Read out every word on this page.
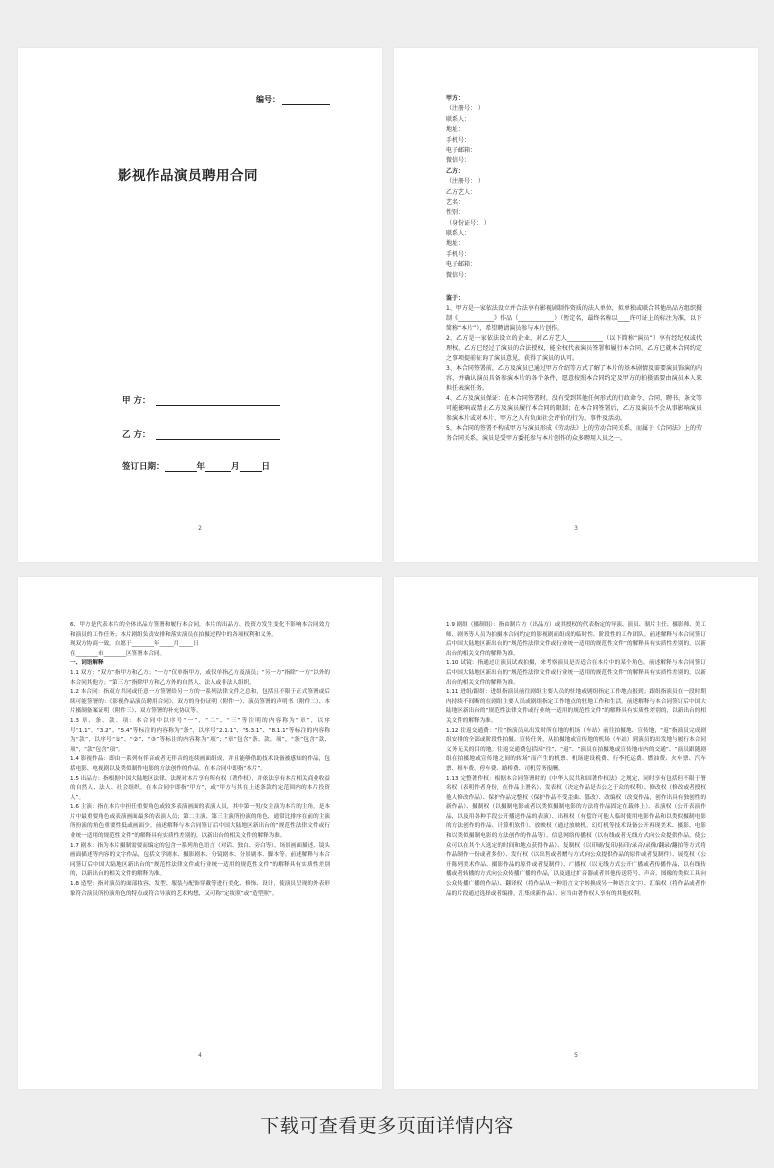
编号：
影视作品演员聘用合同
甲 方：
乙 方：
签订日期：	年	月	日
2

甲方：

（注册号： ）

联系人：

地址：

手机号：

电子邮箱：

微信号：

乙方：

（注册号： ）

乙方艺人：

艺名：

性别：

（身份证号： ）

联系人：

地址：

手机号：

电子邮箱：

微信号：

鉴于：

1、甲方是一家依法设立并合法享有影视剧制作资质的法人单位，拟单独或联合其他出品方组织摄制《____________》作品（____________）（暂定名，最终名称以____许可证上的标注为准，以下简称“本片”），希望聘请演员参与本片创作。

2、乙方是一家依法设立的企业，对乙方艺人____________（以下简称“演员”）享有经纪权或代理权。乙方已经过了演员的合法授权，能全权代表演员签署和履行本合同，乙方已就本合同约定之事项提前征询了演员意见，获得了演员的认可。

3、本合同签署前，乙方及演员已通过甲方介绍等方式了解了本片的基本剧情及需要演员饰演的内容，并确认演员具备参演本片的各个条件，愿意按照本合同约定及甲方的拍摄需要由演员本人来担任表演任务。

4、乙方及演员保证：在本合同签署时，没有受到其他任何形式的行政命令、合同、聘书、条文等可能影响或禁止乙方及演员履行本合同的限制；在本合同签署后，乙方及演员不会从事影响演员参演本片或对本片、甲方之人有负面社会评价的行为、事件及活动。

5、本合同的签署不构成甲方与演员形成《劳动法》上的劳动合同关系，而属于《合同法》上的劳务合同关系，演员是受甲方委托参与本片创作的众多聘用人员之一。

3

6、甲方是代表本片的全体出品方签署和履行本合同，本片的出品方、投资方发生变化不影响本合同效力和演员的工作任务；本片剧组负责安排和落实演员在拍摄过程中的各项权利和义务。

现双方协商一致，自愿于________年_____月_____日

在________市________区签署本合同。

一、词语解释

1.1 双方：“双方”指甲方和乙方；“一方”仅单指甲方，或仅单指乙方及演员；“另一方”指除“一方”以外的本合同其他方；“第三方”指除甲方和乙方外的自然人、法人或非法人组织。

1.2 本合同：指双方共同或任意一方签署给另一方的一系列法律文件之总和，包括且不限于正式签署或后续可能签署的：《影视作品演员聘用合同》、双方的身份证明（附件一）、演员签署的声明书（附件二）、本片摄制备案证明（附件三）、双方签署的补充协议等。

1.3 章、条、款、项：本合同中以序号“一”、“二”、“三”等注明的内容称为“章”，以序号“1.1”、“3.2”、“5.4”等标注的内容称为“条”，以序号“2.1.1”、“5.3.1”、“8.1.1”等标注的内容称为“款”，以序号“①”、“②”、“③”等标注的内容称为“项”；“章”包含“条、款、项”，“条”包含“款、项”，“款”包含“项”。

1.4 影视作品：即由一系列有伴音或者无伴音的连续画面组成，并且能够借助技术设备被感知的作品，包括电影、电视剧以及类似制作电影的方法创作的作品。在本合同中即指“本片”。

1.5 出品方：指根据中国大陆地区法律、法规对本片享有所有权（著作权），并依法享有本片相关商业收益的自然人、法人、社会组织。在本合同中即指“甲方”，或“甲方与其在上述条款约定范围内的本片投资人”。

1.6 主演：指在本片中担任重要角色或较多表演画面的表演人员，其中第一男/女主演为本片的主角，是本片中最重要角色或表演画面最多的表演人员；第二主演、第三主演所扮演的角色，通常比排序在前的主演所扮演的角色重要性低或画面少。前述解释与本合同签订后中国大陆地区新出台的“规范性法律文件或行业统一适用的规范性文件”的解释具有实质性差别的，以新出台的相关文件的解释为准。

1.7 剧本：指为本片摄制需要而编定的包含一系列角色语言（对话、独白、旁白等）、场景画面描述、镜头画面描述等内容的文字作品，包括文学剧本、摄影剧本、分镜剧本、分景剧本、脚本等。前述解释与本合同签订后中国大陆地区新出台的“规范性法律文件或行业统一适用的规范性文件”的解释具有实质性差别的，以新出台的相关文件的解释为准。

1.8 造型：指对演员的面部妆容、发型、服装与配饰穿戴等进行美化、修饰、设计，使演员呈现的外表形象符合演员所扮演角色的特点或符合导演的艺术构想，又可称“定妆照”或“造型照”。

4

1.9 剧组（摄制组）：指由制片方（出品方）或其授权的代表指定的导演、演员、制片主任、摄影师、美工师、剧务等人员为拍摄本合同约定的影视剧而组成的临时性、阶段性的工作团队。前述解释与本合同签订后中国大陆地区新出台的“规范性法律文件或行业统一适用的规范性文件”的解释具有实质性差别的，以新出台的相关文件的解释为准。

1.10 试镜：指通过让演员试戏拍摄，来考察演员是否适合在本片中的某个角色。前述解释与本合同签订后中国大陆地区新出台的“规范性法律文件或行业统一适用的规范性文件”的解释具有实质性差别的，以新出台的相关文件的解释为准。

1.11 进组/跟组：进组指演员前往剧组主要人员的驻地或剧组指定工作地点报到；跟组指演员在一段时期内持续不间断的在剧组主要人员或剧组指定工作地点的驻地工作和生活。前述解释与本合同签订后中国大陆地区新出台的“规范性法律文件或行业统一适用的规范性文件”的解释具有实质性差别的，以新出台的相关文件的解释为准。

1.12 往返交通费：“往”指演员从出发时所在地的机场（车站）前往拍摄地、宣传地，“返”指演员完成剧组安排的全部或阶段性拍摄、宣传任务，从拍摄地或宣传地的机场（车站）到演员的出发地与履行本合同义务无关的目的地。往返交通费包括因“往”、“返”、“演员在拍摄地或宣传地市内的交通”、“演员跟随剧组在拍摄地或宣传地之间的转场”而产生的机票、机场建设税费、行李托运费、燃油费、火车票、汽车票、租车费、停车费、路桥费、司机劳务报酬。

1.13 完整著作权：根据本合同签署时的《中华人民共和国著作权法》之规定，同时享有包括但不限于署名权（表明作者身份，在作品上署名）、发表权（决定作品是否公之于众的权利）、修改权（修改或者授权他人修改作品）、保护作品完整权（保护作品不受歪曲、篡改）、改编权（改变作品，创作出具有独创性的新作品）、摄制权（以摄制电影或者以类似摄制电影的方法将作品固定在载体上）、表演权（公开表演作品，以及用各种手段公开播送作品的表演）、出租权（有偿许可他人临时使用电影作品和以类似摄制电影的方法创作的作品、计算机软件）、放映权（通过放映机、幻灯机等技术设备公开再现美术、摄影、电影和以类似摄制电影的方法创作的作品等）、信息网络传播权（以有线或者无线方式向公众提供作品，使公众可以在其个人选定的时间和地点获得作品）、复制权（以印刷/复印/拓印/录音/录像/翻录/翻拍等方式将作品制作一份或者多份）、发行权（以出售或者赠与方式向公众提供作品的原件或者复制件）、展览权（公开陈列美术作品、摄影作品的原件或者复制件）、广播权（以无线方式公开广播或者传播作品，以有线传播或者转播的方式向公众传播广播的作品，以及通过扩音器或者其他传送符号、声音、图像的类似工具向公众传播广播的作品）、翻译权（将作品从一种语言文字转换成另一种语言文字）、汇编权（将作品或者作品的片段通过选择或者编排，汇集成新作品）、应当由著作权人享有的其他权利。

5
下载可查看更多页面详情内容
